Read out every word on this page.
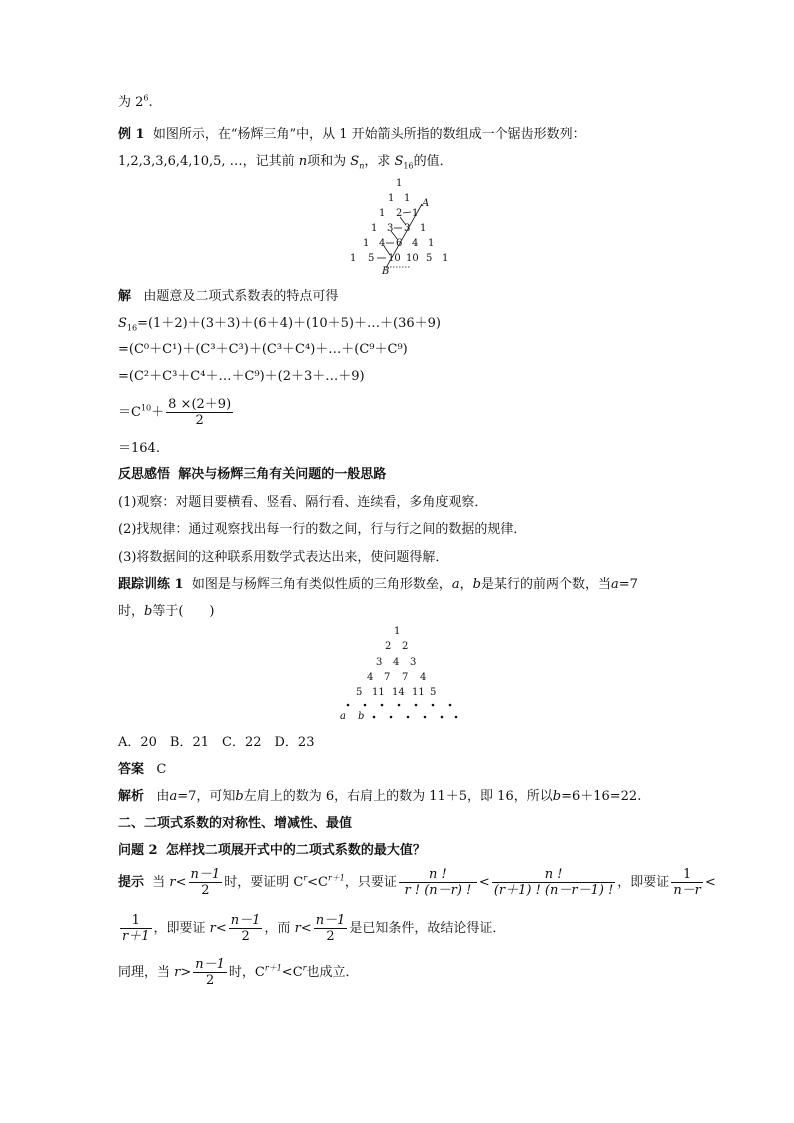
为 $2^6$.
例 1 如图所示，在“杨辉三角”中，从 1 开始箭头所指的数组成一个锯齿形数列：
1,2,3,3,6,4,10,5, …，记其前 n项和为 $S_n$，求 $S_{16}$的值．
1
1 1
1 2 1
1 3 3 1
1 4 6 4 1
1 5 10 10 5 1
A
B
解 由题意及二项式系数表的特点可得
$S_{16}=(1+2)+(3+3)+(6+4)+(10+5)+\dots+(36+9)$
=(C⁰＋C¹)＋(C³＋C³)＋(C³＋C⁴)＋…＋(C⁹＋C⁹)
=(C²＋C³＋C⁴＋…＋C⁹)＋(2＋3＋…＋9)
$=C^{10}+ \frac{8 \times(2+9)}{2}$
＝164.
反思感悟 解决与杨辉三角有关问题的一般思路
(1)观察：对题目要横看、竖看、隔行看、连续看，多角度观察．
(2)找规律：通过观察找出每一行的数之间，行与行之间的数据的规律．
(3)将数据间的这种联系用数学式表达出来，使问题得解．
跟踪训练 1 如图是与杨辉三角有类似性质的三角形数垒，a，b是某行的前两个数，当a=7
时，b等于(　　)
1
2 2
3 4 3
4 7 7 4
5 11 14 11 5
a b
A．20　B．21　C．22　D．23
答案 C
解析 由a=7，可知b左肩上的数为 6，右肩上的数为 11＋5，即 16，所以b=6＋16=22.
二、二项式系数的对称性、增减性、最值
问题 2 怎样找二项展开式中的二项式系数的最大值？
提示 当 $r< \frac{n-1}{2}$ 时，要证明 $C^r<C^{r+1}$，只要证 $\frac{n !}{r ! (n-r) !} < \frac{n !}{(r+1) ! (n-r-1) !}$ ，即要证 $\frac{1}{n-r}$ <
$\frac{1}{r+1}$ ，即要证 $r< \frac{n-1}{2}$ ，而 $r< \frac{n-1}{2}$ 是已知条件，故结论得证．
同理，当 $r> \frac{n-1}{2}$ 时，$C^{r+1}<C^r$也成立．
